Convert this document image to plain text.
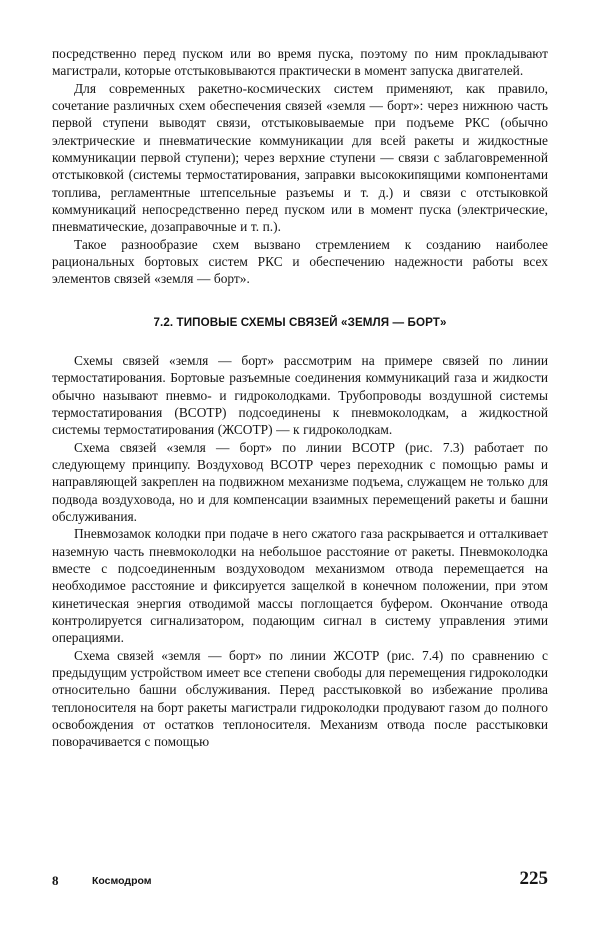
посредственно перед пуском или во время пуска, поэтому по ним прокладывают магистрали, которые отстыковываются практически в момент запуска двигателей.

Для современных ракетно-космических систем применяют, как правило, сочетание различных схем обеспечения связей «земля — борт»: через нижнюю часть первой ступени выводят связи, отстыковываемые при подъеме РКС (обычно электрические и пневматические коммуникации для всей ракеты и жидкостные коммуникации первой ступени); через верхние ступени — связи с заблаговременной отстыковкой (системы термостатирования, заправки высококипящими компонентами топлива, регламентные штепсельные разъемы и т. д.) и связи с отстыковкой коммуникаций непосредственно перед пуском или в момент пуска (электрические, пневматические, дозаправочные и т. п.).

Такое разнообразие схем вызвано стремлением к созданию наиболее рациональных бортовых систем РКС и обеспечению надежности работы всех элементов связей «земля — борт».

7.2. ТИПОВЫЕ СХЕМЫ СВЯЗЕЙ «ЗЕМЛЯ — БОРТ»

Схемы связей «земля — борт» рассмотрим на примере связей по линии термостатирования. Бортовые разъемные соединения коммуникаций газа и жидкости обычно называют пневмо- и гидроколодками. Трубопроводы воздушной системы термостатирования (ВСОТР) подсоединены к пневмоколодкам, а жидкостной системы термостатирования (ЖСОТР) — к гидроколодкам.

Схема связей «земля — борт» по линии ВСОТР (рис. 7.3) работает по следующему принципу. Воздуховод ВСОТР через переходник с помощью рамы и направляющей закреплен на подвижном механизме подъема, служащем не только для подвода воздуховода, но и для компенсации взаимных перемещений ракеты и башни обслуживания.

Пневмозамок колодки при подаче в него сжатого газа раскрывается и отталкивает наземную часть пневмоколодки на небольшое расстояние от ракеты. Пневмоколодка вместе с подсоединенным воздуховодом механизмом отвода перемещается на необходимое расстояние и фиксируется защелкой в конечном положении, при этом кинетическая энергия отводимой массы поглощается буфером. Окончание отвода контролируется сигнализатором, подающим сигнал в систему управления этими операциями.

Схема связей «земля — борт» по линии ЖСОТР (рис. 7.4) по сравнению с предыдущим устройством имеет все степени свободы для перемещения гидроколодки относительно башни обслуживания. Перед расстыковкой во избежание пролива теплоносителя на борт ракеты магистрали гидроколодки продувают газом до полного освобождения от остатков теплоносителя. Механизм отвода после расстыковки поворачивается с помощью

8	Космодром	225
